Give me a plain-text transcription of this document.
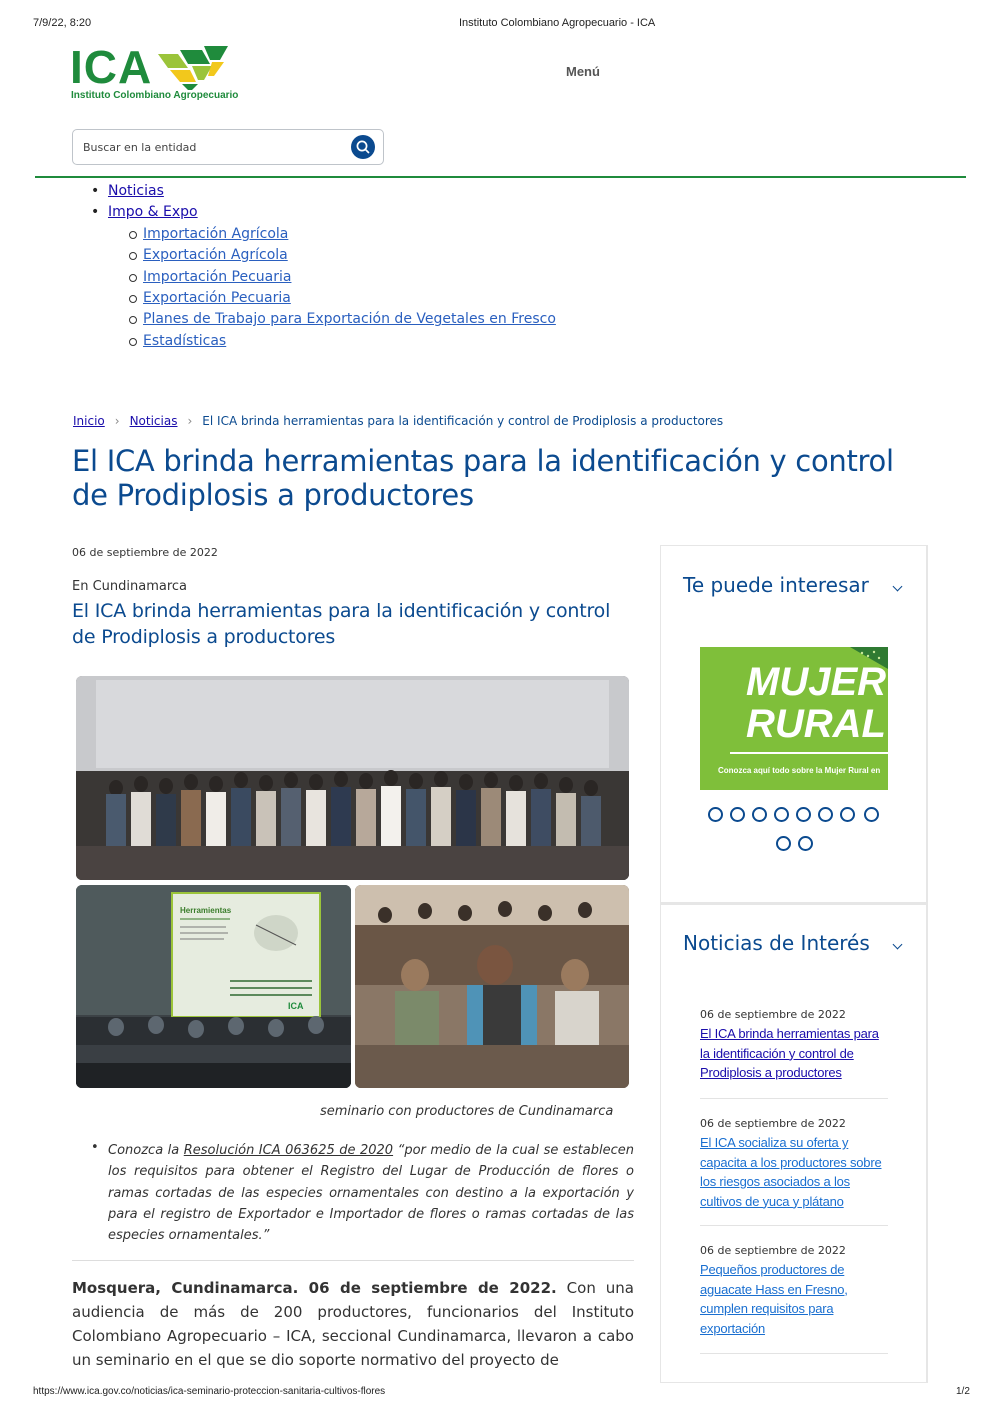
7/9/22, 8:20	Instituto Colombiano Agropecuario - ICA
ICA
Instituto Colombiano Agropecuario
Menú
Buscar en la entidad
• Noticias
• Impo & Expo
Importación Agrícola
Exportación Agrícola
Importación Pecuaria
Exportación Pecuaria
Planes de Trabajo para Exportación de Vegetales en Fresco
Estadísticas
Inicio › Noticias › El ICA brinda herramientas para la identificación y control de Prodiplosis a productores
El ICA brinda herramientas para la identificación y control de Prodiplosis a productores
06 de septiembre de 2022
En Cundinamarca
El ICA brinda herramientas para la identificación y control de Prodiplosis a productores
Herramientas
ICA
seminario con productores de Cundinamarca
• Conozca la Resolución ICA 063625 de 2020 “por medio de la cual se establecen los requisitos para obtener el Registro del Lugar de Producción de flores o ramas cortadas de las especies ornamentales con destino a la exportación y para el registro de Exportador e Importador de flores o ramas cortadas de las especies ornamentales.”
Mosquera, Cundinamarca. 06 de septiembre de 2022. Con una audiencia de más de 200 productores, funcionarios del Instituto Colombiano Agropecuario – ICA, seccional Cundinamarca, llevaron a cabo un seminario en el que se dio soporte normativo del proyecto de
Te puede interesar
MUJER
RURAL
Conozca aquí todo sobre la Mujer Rural en
Noticias de Interés
06 de septiembre de 2022
El ICA brinda herramientas para la identificación y control de Prodiplosis a productores
06 de septiembre de 2022
El ICA socializa su oferta y capacita a los productores sobre los riesgos asociados a los cultivos de yuca y plátano
06 de septiembre de 2022
Pequeños productores de aguacate Hass en Fresno, cumplen requisitos para exportación
https://www.ica.gov.co/noticias/ica-seminario-proteccion-sanitaria-cultivos-flores	1/2
